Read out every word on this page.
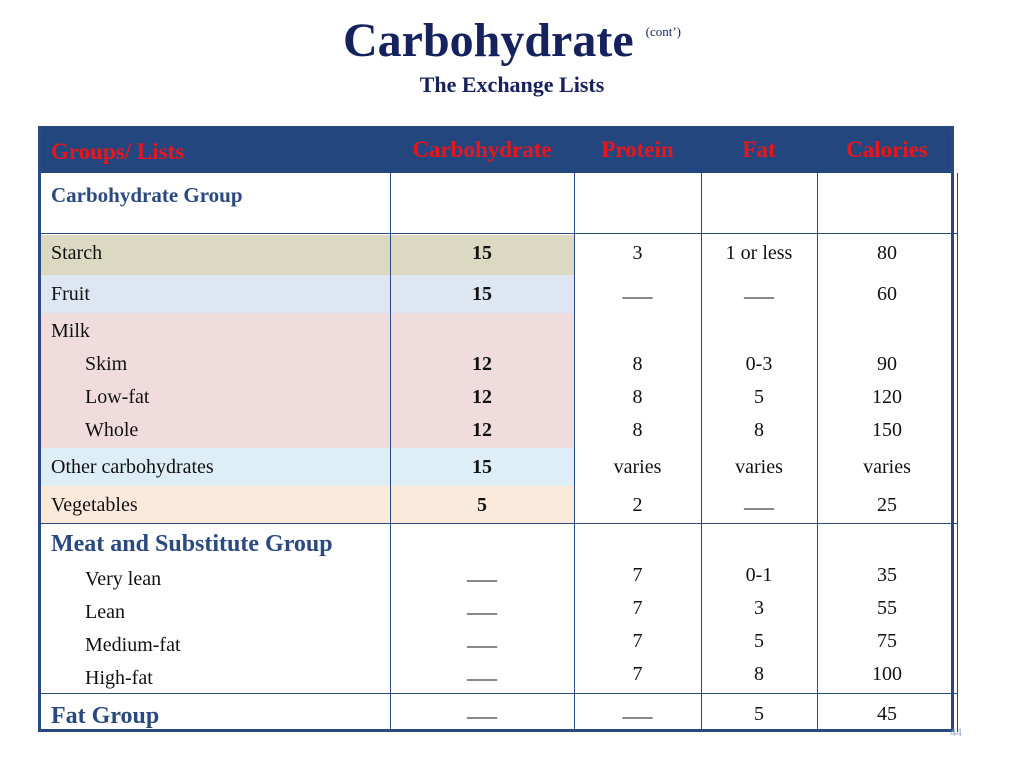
Carbohydrate (cont’)
The Exchange Lists
Groups/ Lists	Carbohydrate	Protein	Fat	Calories
Carbohydrate Group
Starch	15	3	1 or less	80
Fruit	15	___	___	60
Milk
Skim	12	8	0-3	90
Low-fat	12	8	5	120
Whole	12	8	8	150
Other carbohydrates	15	varies	varies	varies
Vegetables	5	2	___	25
Meat and Substitute Group
Very lean	___	7	0-1	35
Lean	___	7	3	55
Medium-fat	___	7	5	75
High-fat	___	7	8	100
Fat Group	___	___	5	45
44
